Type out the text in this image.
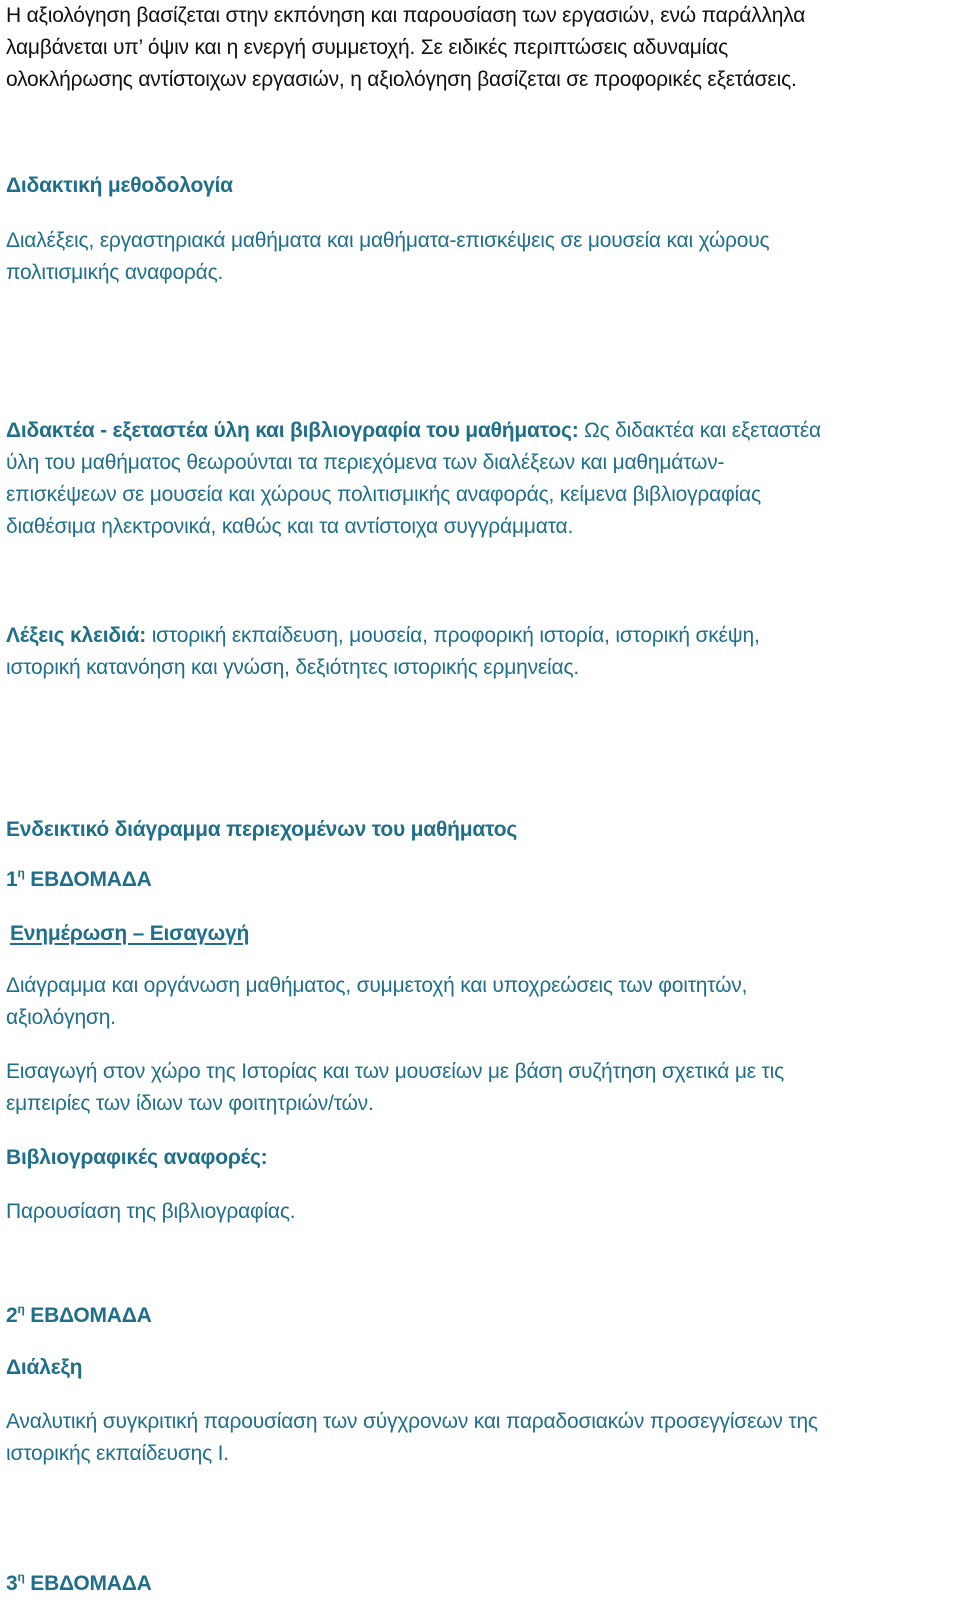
Η αξιολόγηση βασίζεται στην εκπόνηση και παρουσίαση των εργασιών, ενώ παράλληλα
λαμβάνεται υπ’ όψιν και η ενεργή συμμετοχή. Σε ειδικές περιπτώσεις αδυναμίας
ολοκλήρωσης αντίστοιχων εργασιών, η αξιολόγηση βασίζεται σε προφορικές εξετάσεις.
Διδακτική μεθοδολογία
Διαλέξεις, εργαστηριακά μαθήματα και μαθήματα-επισκέψεις σε μουσεία και χώρους
πολιτισμικής αναφοράς.
Διδακτέα - εξεταστέα ύλη και βιβλιογραφία του μαθήματος: Ως διδακτέα και εξεταστέα
ύλη του μαθήματος θεωρούνται τα περιεχόμενα των διαλέξεων και μαθημάτων-
επισκέψεων σε μουσεία και χώρους πολιτισμικής αναφοράς, κείμενα βιβλιογραφίας
διαθέσιμα ηλεκτρονικά, καθώς και τα αντίστοιχα συγγράμματα.
Λέξεις κλειδιά: ιστορική εκπαίδευση, μουσεία, προφορική ιστορία, ιστορική σκέψη,
ιστορική κατανόηση και γνώση, δεξιότητες ιστορικής ερμηνείας.
Ενδεικτικό διάγραμμα περιεχομένων του μαθήματος
$1^\eta$ ΕΒΔΟΜΑΔΑ
Ενημέρωση – Εισαγωγή
Διάγραμμα και οργάνωση μαθήματος, συμμετοχή και υποχρεώσεις των φοιτητών,
αξιολόγηση.
Εισαγωγή στον χώρο της Ιστορίας και των μουσείων με βάση συζήτηση σχετικά με τις
εμπειρίες των ίδιων των φοιτητριών/τών.
Βιβλιογραφικές αναφορές:
Παρουσίαση της βιβλιογραφίας.
$2^\eta$ ΕΒΔΟΜΑΔΑ
Διάλεξη
Αναλυτική συγκριτική παρουσίαση των σύγχρονων και παραδοσιακών προσεγγίσεων της
ιστορικής εκπαίδευσης Ι.
$3^\eta$ ΕΒΔΟΜΑΔΑ
